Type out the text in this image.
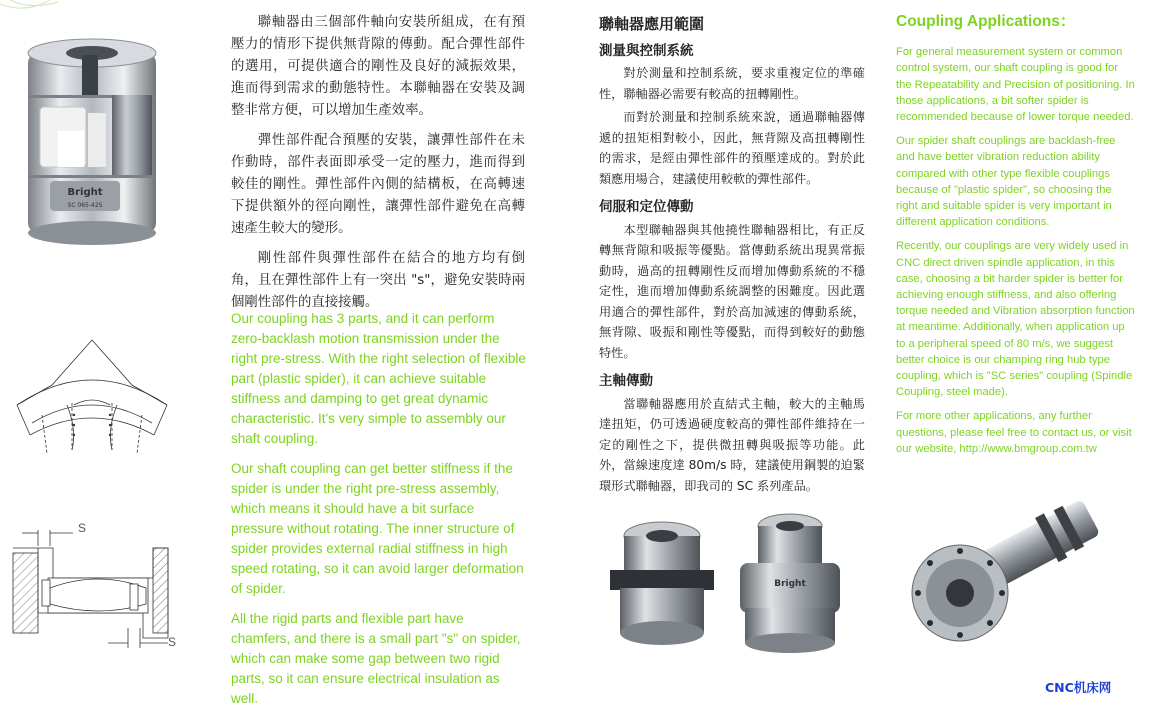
Bright
SC 065-42S
S
S

聯軸器由三個部件軸向安裝所組成，在有預壓力的情形下提供無背隙的傳動。配合彈性部件的選用，可提供適合的剛性及良好的減振效果，進而得到需求的動態特性。本聯軸器在安裝及調整非常方便，可以增加生產效率。

彈性部件配合預壓的安裝，讓彈性部件在未作動時，部件表面即承受一定的壓力，進而得到較佳的剛性。彈性部件內側的結構板，在高轉速下提供額外的徑向剛性，讓彈性部件避免在高轉速產生較大的變形。

剛性部件與彈性部件在結合的地方均有倒角，且在彈性部件上有一突出 "s"，避免安裝時兩個剛性部件的直接接觸。

Our coupling has 3 parts, and it can perform zero-backlash motion transmission under the right pre-stress. With the right selection of flexible part (plastic spider), it can achieve suitable stiffness and damping to get great dynamic characteristic. It's very simple to assembly our shaft coupling.

Our shaft coupling can get better stiffness if the spider is under the right pre-stress assembly, which means it should have a bit surface pressure without rotating. The inner structure of spider provides external radial stiffness in high speed rotating, so it can avoid larger deformation of spider.

All the rigid parts and flexible part have chamfers, and there is a small part "s" on spider, which can make some gap between two rigid parts, so it can ensure electrical insulation as well.

聯軸器應用範圍
測量與控制系統

對於測量和控制系統，要求重複定位的準確性，聯軸器必需要有較高的扭轉剛性。

而對於測量和控制系統來說，通過聯軸器傳遞的扭矩相對較小，因此，無背隙及高扭轉剛性的需求，是經由彈性部件的預壓達成的。對於此類應用場合，建議使用較軟的彈性部件。

伺服和定位傳動

本型聯軸器與其他撓性聯軸器相比，有正反轉無背隙和吸振等優點。當傳動系統出現異常振動時，過高的扭轉剛性反而增加傳動系統的不穩定性，進而增加傳動系統調整的困難度。因此選用適合的彈性部件，對於高加減速的傳動系統，無背隙、吸振和剛性等優點，而得到較好的動態特性。

主軸傳動

當聯軸器應用於直結式主軸，較大的主軸馬達扭矩，仍可透過硬度較高的彈性部件維持在一定的剛性之下，提供微扭轉與吸振等功能。此外，當線速度達 80m/s 時，建議使用鋼製的迫緊環形式聯軸器，即我司的 SC 系列產品。

Coupling Applications：

For general measurement system or common control system, our shaft coupling is good for the Repeatability and Precision of positioning. In those applications, a bit softer spider is recommended because of lower torque needed.

Our spider shaft couplings are backlash-free and have better vibration reduction ability compared with other type flexible couplings because of "plastic spider", so choosing the right and suitable spider is very important in different application conditions.

Recently, our couplings are very widely used in CNC direct driven spindle application, in this case, choosing a bit harder spider is better for achieving enough stiffness, and also offering torque needed and Vibration absorption function at meantime. Additionally, when application up to a peripheral speed of 80 m/s, we suggest better choice is our champing ring hub type coupling, which is "SC series" coupling (Spindle Coupling, steel made).

For more other applications, any further questions, please feel free to contact us, or visit our website, http://www.bmgroup.com.tw

Bright
CNC机床网
